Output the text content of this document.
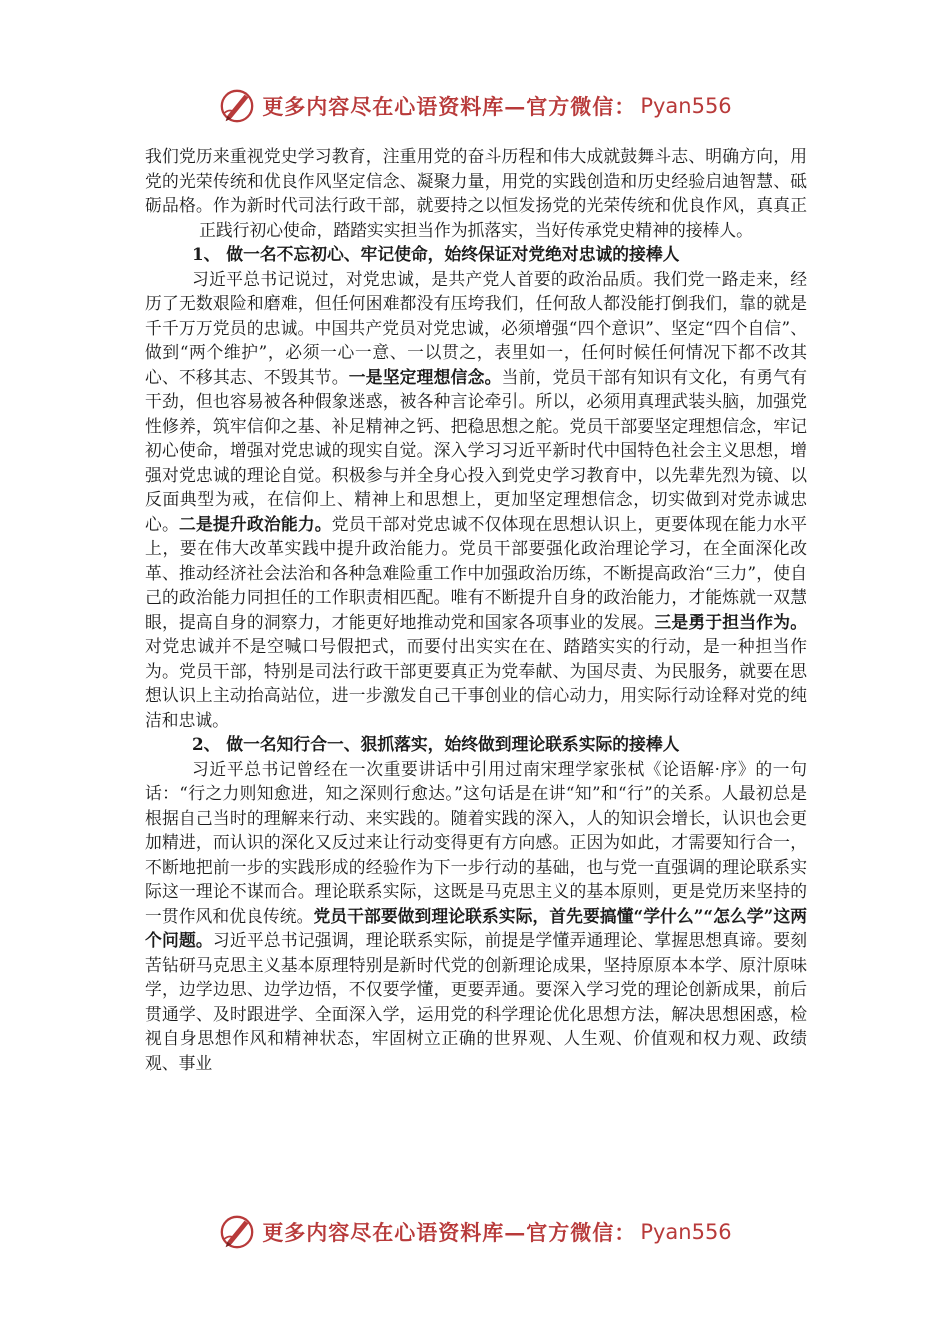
更多内容尽在心语资料库—官方微信： Pyan556

我们党历来重视党史学习教育，注重用党的奋斗历程和伟大成就鼓舞斗志、明确方向，用党的光荣传统和优良作风坚定信念、凝聚力量，用党的实践创造和历史经验启迪智慧、砥砺品格。作为新时代司法行政干部，就要持之以恒发扬党的光荣传统和优良作风，真真正正践行初心使命，踏踏实实担当作为抓落实，当好传承党史精神的接棒人。

1、 做一名不忘初心、牢记使命，始终保证对党绝对忠诚的接棒人

习近平总书记说过，对党忠诚，是共产党人首要的政治品质。我们党一路走来，经历了无数艰险和磨难，但任何困难都没有压垮我们，任何敌人都没能打倒我们，靠的就是千千万万党员的忠诚。中国共产党员对党忠诚，必须增强“四个意识”、坚定“四个自信”、做到“两个维护”，必须一心一意、一以贯之，表里如一，任何时候任何情况下都不改其心、不移其志、不毁其节。一是坚定理想信念。当前，党员干部有知识有文化，有勇气有干劲，但也容易被各种假象迷惑，被各种言论牵引。所以，必须用真理武装头脑，加强党性修养，筑牢信仰之基、补足精神之钙、把稳思想之舵。党员干部要坚定理想信念，牢记初心使命，增强对党忠诚的现实自觉。深入学习习近平新时代中国特色社会主义思想，增强对党忠诚的理论自觉。积极参与并全身心投入到党史学习教育中，以先辈先烈为镜、以反面典型为戒，在信仰上、精神上和思想上，更加坚定理想信念，切实做到对党赤诚忠心。二是提升政治能力。党员干部对党忠诚不仅体现在思想认识上，更要体现在能力水平上，要在伟大改革实践中提升政治能力。党员干部要强化政治理论学习，在全面深化改革、推动经济社会法治和各种急难险重工作中加强政治历练，不断提高政治“三力”，使自己的政治能力同担任的工作职责相匹配。唯有不断提升自身的政治能力，才能炼就一双慧眼，提高自身的洞察力，才能更好地推动党和国家各项事业的发展。三是勇于担当作为。对党忠诚并不是空喊口号假把式，而要付出实实在在、踏踏实实的行动，是一种担当作为。党员干部，特别是司法行政干部更要真正为党奉献、为国尽责、为民服务，就要在思想认识上主动抬高站位，进一步激发自己干事创业的信心动力，用实际行动诠释对党的纯洁和忠诚。

2、 做一名知行合一、狠抓落实，始终做到理论联系实际的接棒人

习近平总书记曾经在一次重要讲话中引用过南宋理学家张栻《论语解·序》的一句话：“行之力则知愈进，知之深则行愈达。”这句话是在讲“知”和“行”的关系。人最初总是根据自己当时的理解来行动、来实践的。随着实践的深入，人的知识会增长，认识也会更加精进，而认识的深化又反过来让行动变得更有方向感。正因为如此，才需要知行合一，不断地把前一步的实践形成的经验作为下一步行动的基础，也与党一直强调的理论联系实际这一理论不谋而合。理论联系实际，这既是马克思主义的基本原则，更是党历来坚持的一贯作风和优良传统。党员干部要做到理论联系实际，首先要搞懂“学什么”“怎么学”这两个问题。习近平总书记强调，理论联系实际，前提是学懂弄通理论、掌握思想真谛。要刻苦钻研马克思主义基本原理特别是新时代党的创新理论成果，坚持原原本本学、原汁原味学，边学边思、边学边悟，不仅要学懂，更要弄通。要深入学习党的理论创新成果，前后贯通学、及时跟进学、全面深入学，运用党的科学理论优化思想方法，解决思想困惑，检视自身思想作风和精神状态，牢固树立正确的世界观、人生观、价值观和权力观、政绩观、事业

更多内容尽在心语资料库—官方微信： Pyan556
